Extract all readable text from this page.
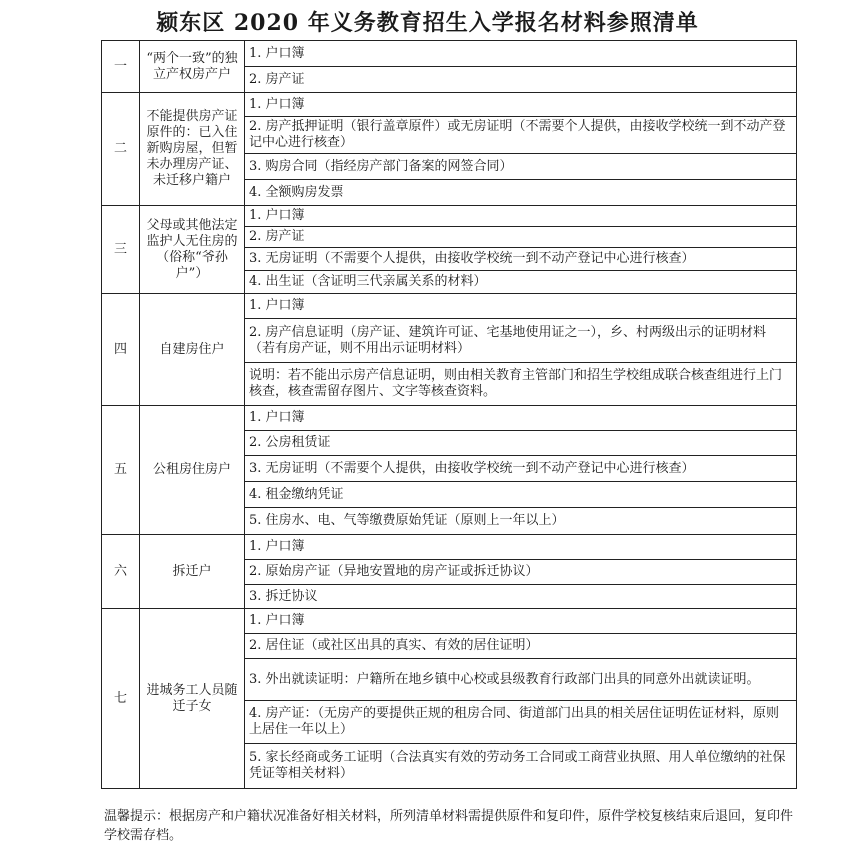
颍东区 2020 年义务教育招生入学报名材料参照清单
一	“两个一致”的独立产权房产户	1. 户口簿
		2. 房产证
二	不能提供房产证原件的：已入住新购房屋，但暂未办理房产证、未迁移户籍户	1. 户口簿
		2. 房产抵押证明（银行盖章原件）或无房证明（不需要个人提供，由接收学校统一到不动产登记中心进行核查）
		3. 购房合同（指经房产部门备案的网签合同）
		4. 全额购房发票
三	父母或其他法定监护人无住房的（俗称“爷孙户”）	1. 户口簿
		2. 房产证
		3. 无房证明（不需要个人提供，由接收学校统一到不动产登记中心进行核查）
		4. 出生证（含证明三代亲属关系的材料）
四	自建房住户	1. 户口簿
		2. 房产信息证明（房产证、建筑许可证、宅基地使用证之一），乡、村两级出示的证明材料（若有房产证，则不用出示证明材料）
		说明：若不能出示房产信息证明，则由相关教育主管部门和招生学校组成联合核查组进行上门核查，核查需留存图片、文字等核查资料。
五	公租房住房户	1. 户口簿
		2. 公房租赁证
		3. 无房证明（不需要个人提供，由接收学校统一到不动产登记中心进行核查）
		4. 租金缴纳凭证
		5. 住房水、电、气等缴费原始凭证（原则上一年以上）
六	拆迁户	1. 户口簿
		2. 原始房产证（异地安置地的房产证或拆迁协议）
		3. 拆迁协议
七	进城务工人员随迁子女	1. 户口簿
		2. 居住证（或社区出具的真实、有效的居住证明）
		3. 外出就读证明：户籍所在地乡镇中心校或县级教育行政部门出具的同意外出就读证明。
		4. 房产证：（无房产的要提供正规的租房合同、街道部门出具的相关居住证明佐证材料，原则上居住一年以上）
		5. 家长经商或务工证明（合法真实有效的劳动务工合同或工商营业执照、用人单位缴纳的社保凭证等相关材料）
温馨提示：根据房产和户籍状况准备好相关材料，所列清单材料需提供原件和复印件，原件学校复核结束后退回，复印件学校需存档。
